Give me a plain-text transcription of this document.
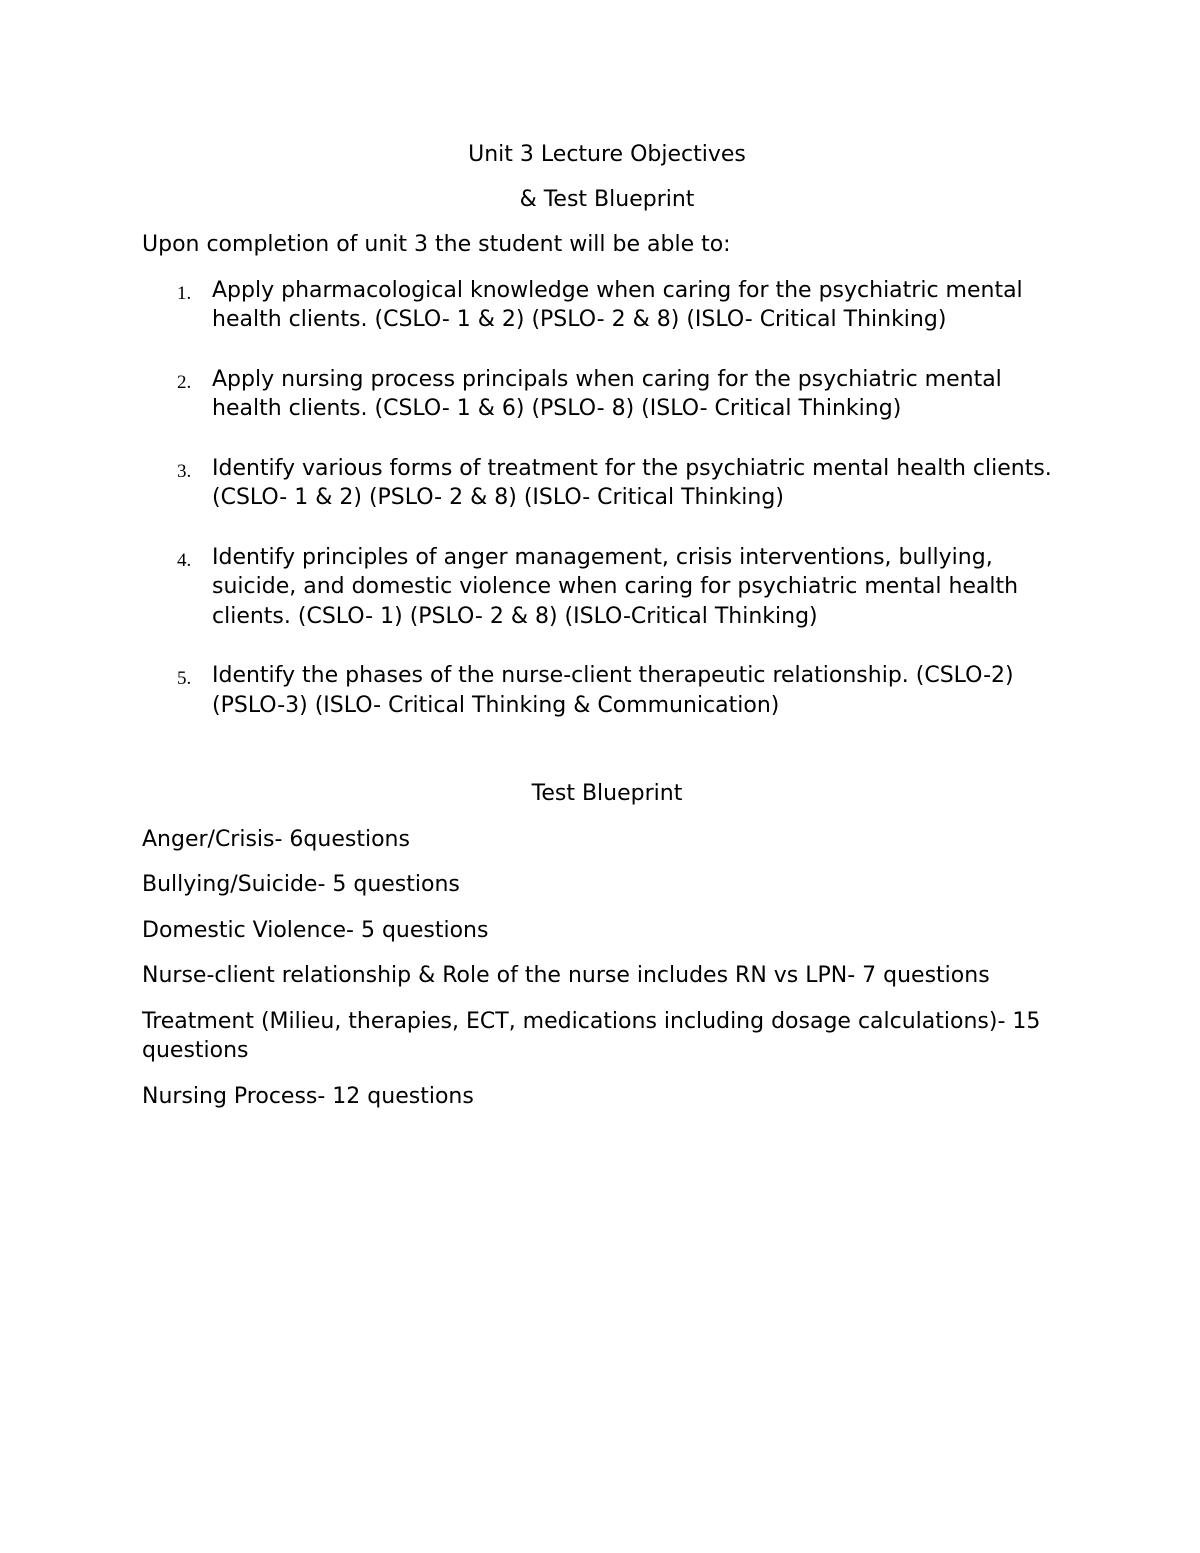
Unit 3 Lecture Objectives

& Test Blueprint

Upon completion of unit 3 the student will be able to:

1. Apply pharmacological knowledge when caring for the psychiatric mental health clients. (CSLO- 1 & 2) (PSLO- 2 & 8) (ISLO- Critical Thinking)
2. Apply nursing process principals when caring for the psychiatric mental health clients. (CSLO- 1 & 6) (PSLO- 8) (ISLO- Critical Thinking)
3. Identify various forms of treatment for the psychiatric mental health clients. (CSLO- 1 & 2) (PSLO- 2 & 8) (ISLO- Critical Thinking)
4. Identify principles of anger management, crisis interventions, bullying, suicide, and domestic violence when caring for psychiatric mental health clients. (CSLO- 1) (PSLO- 2 & 8) (ISLO-Critical Thinking)
5. Identify the phases of the nurse-client therapeutic relationship. (CSLO-2) (PSLO-3) (ISLO- Critical Thinking & Communication)

Test Blueprint

Anger/Crisis- 6questions
Bullying/Suicide- 5 questions
Domestic Violence- 5 questions
Nurse-client relationship & Role of the nurse includes RN vs LPN- 7 questions
Treatment (Milieu, therapies, ECT, medications including dosage calculations)- 15 questions
Nursing Process- 12 questions
